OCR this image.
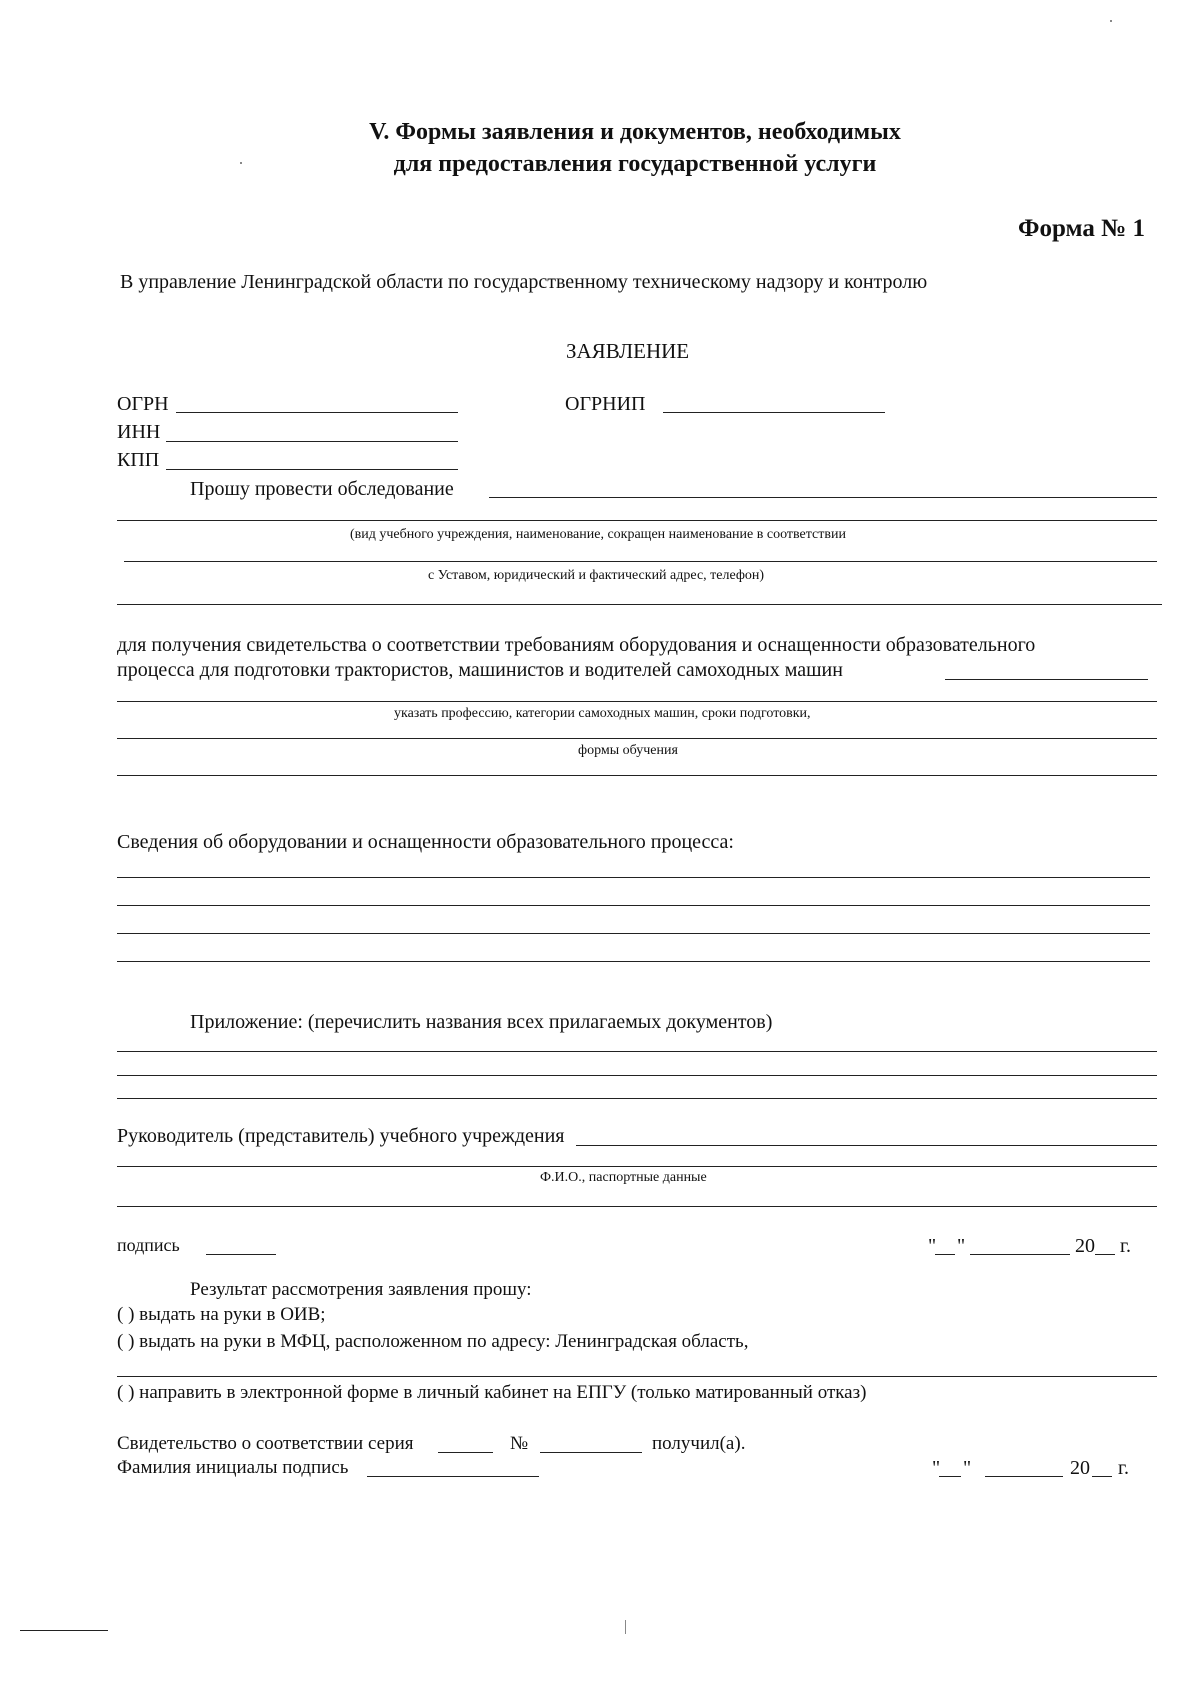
V. Формы заявления и документов, необходимых
для предоставления государственной услуги
Форма № 1
В управление Ленинградской области по государственному техническому надзору и контролю
ЗАЯВЛЕНИЕ
ОГРН	ОГРНИП
ИНН
КПП
Прошу провести обследование
(вид учебного учреждения, наименование, сокращен наименование в соответствии
с Уставом, юридический и фактический адрес, телефон)
для получения свидетельства о соответствии требованиям оборудования и оснащенности образовательного
процесса для подготовки трактористов, машинистов и водителей самоходных машин
указать профессию, категории самоходных машин, сроки подготовки,
формы обучения
Сведения об оборудовании и оснащенности образовательного процесса:
Приложение: (перечислить названия всех прилагаемых документов)
Руководитель (представитель) учебного учреждения
Ф.И.О., паспортные данные
подпись	" "	20 г.
Результат рассмотрения заявления прошу:
( ) выдать на руки в ОИВ;
( ) выдать на руки в МФЦ, расположенном по адресу: Ленинградская область,
( ) направить в электронной форме в личный кабинет на ЕПГУ (только матированный отказ)
Свидетельство о соответствии серия	№	получил(а).
Фамилия инициалы подпись	" "	20 г.
